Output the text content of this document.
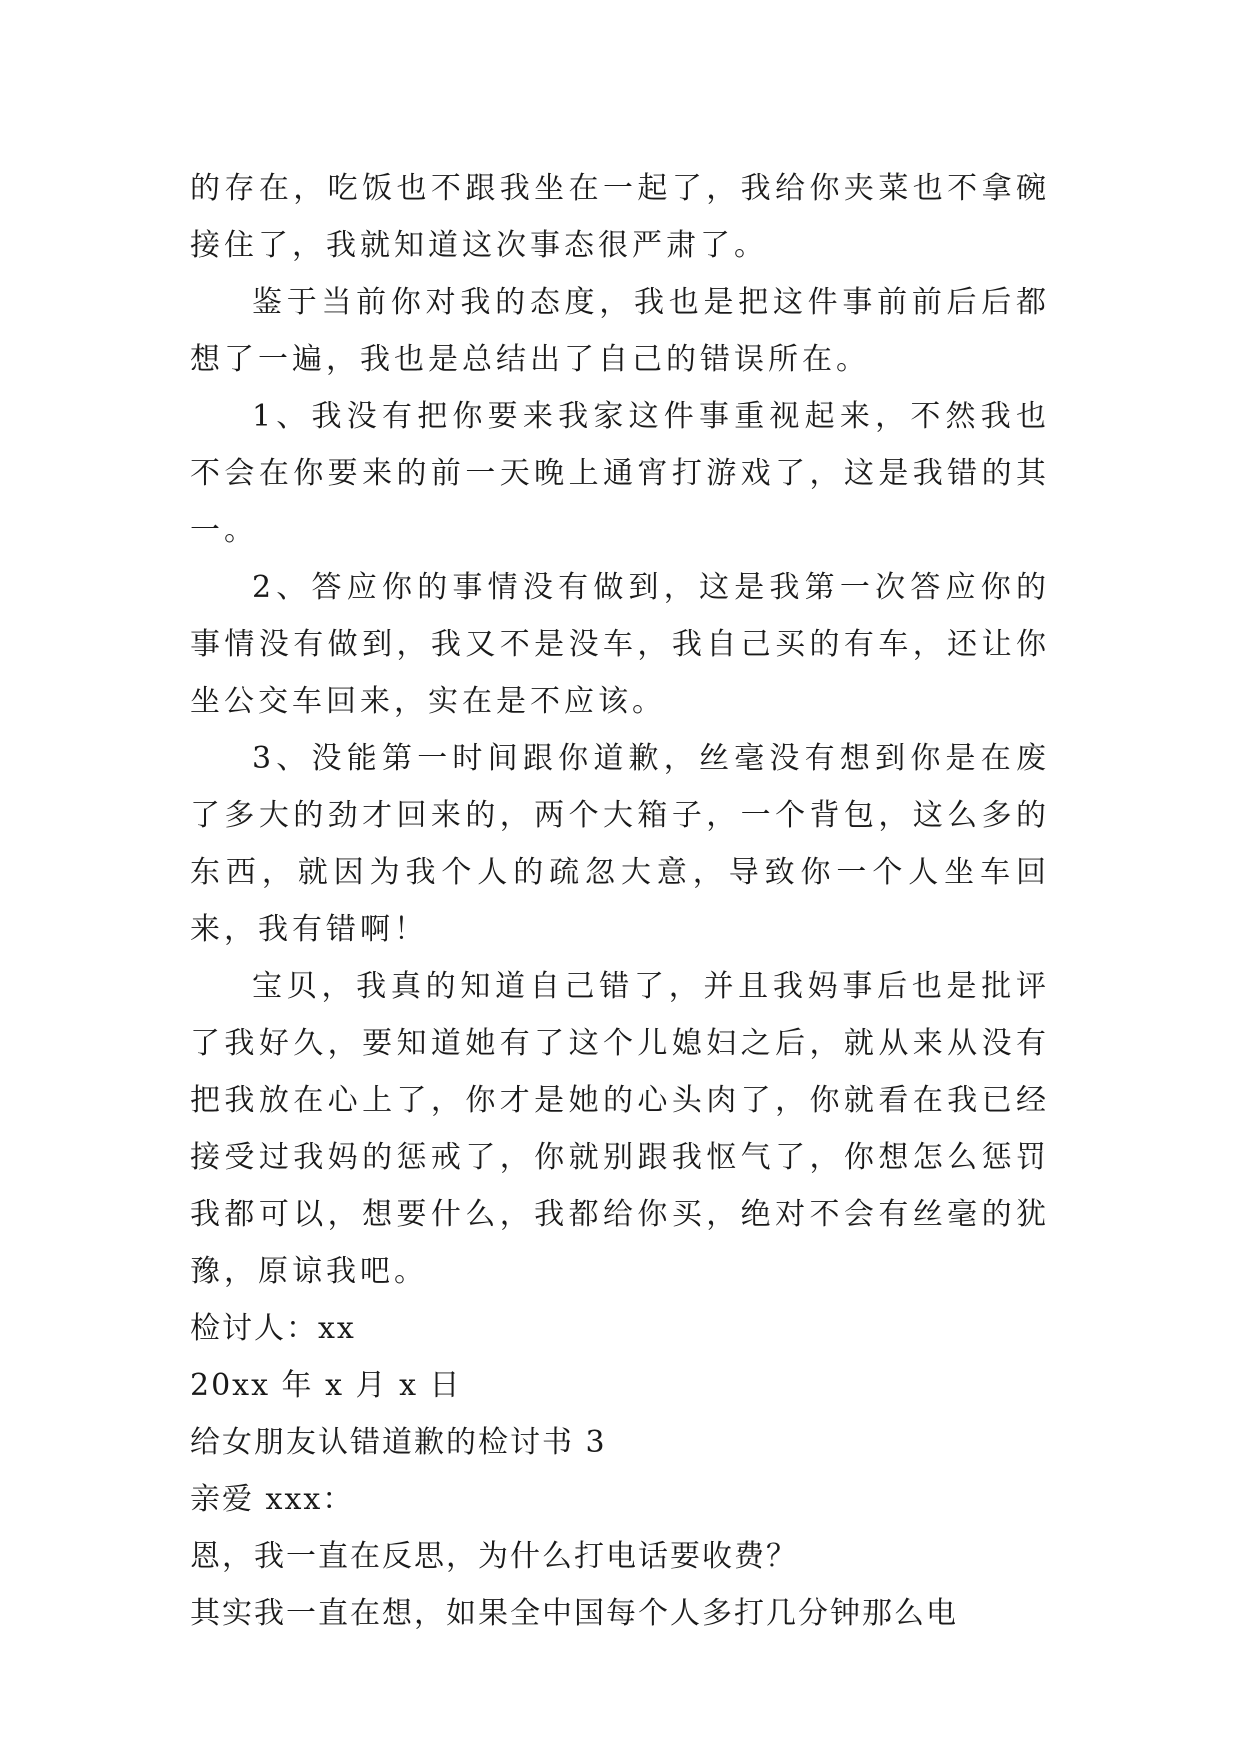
的存在，吃饭也不跟我坐在一起了，我给你夹菜也不拿碗接住了，我就知道这次事态很严肃了。

鉴于当前你对我的态度，我也是把这件事前前后后都想了一遍，我也是总结出了自己的错误所在。

1、我没有把你要来我家这件事重视起来，不然我也不会在你要来的前一天晚上通宵打游戏了，这是我错的其一。

2、答应你的事情没有做到，这是我第一次答应你的事情没有做到，我又不是没车，我自己买的有车，还让你坐公交车回来，实在是不应该。

3、没能第一时间跟你道歉，丝毫没有想到你是在废了多大的劲才回来的，两个大箱子，一个背包，这么多的东西，就因为我个人的疏忽大意，导致你一个人坐车回来，我有错啊！

宝贝，我真的知道自己错了，并且我妈事后也是批评了我好久，要知道她有了这个儿媳妇之后，就从来从没有把我放在心上了，你才是她的心头肉了，你就看在我已经接受过我妈的惩戒了，你就别跟我怄气了，你想怎么惩罚我都可以，想要什么，我都给你买，绝对不会有丝毫的犹豫，原谅我吧。

检讨人：xx

20xx 年 x 月 x 日

给女朋友认错道歉的检讨书 3

亲爱 xxx：

恩，我一直在反思，为什么打电话要收费？

其实我一直在想，如果全中国每个人多打几分钟那么电
